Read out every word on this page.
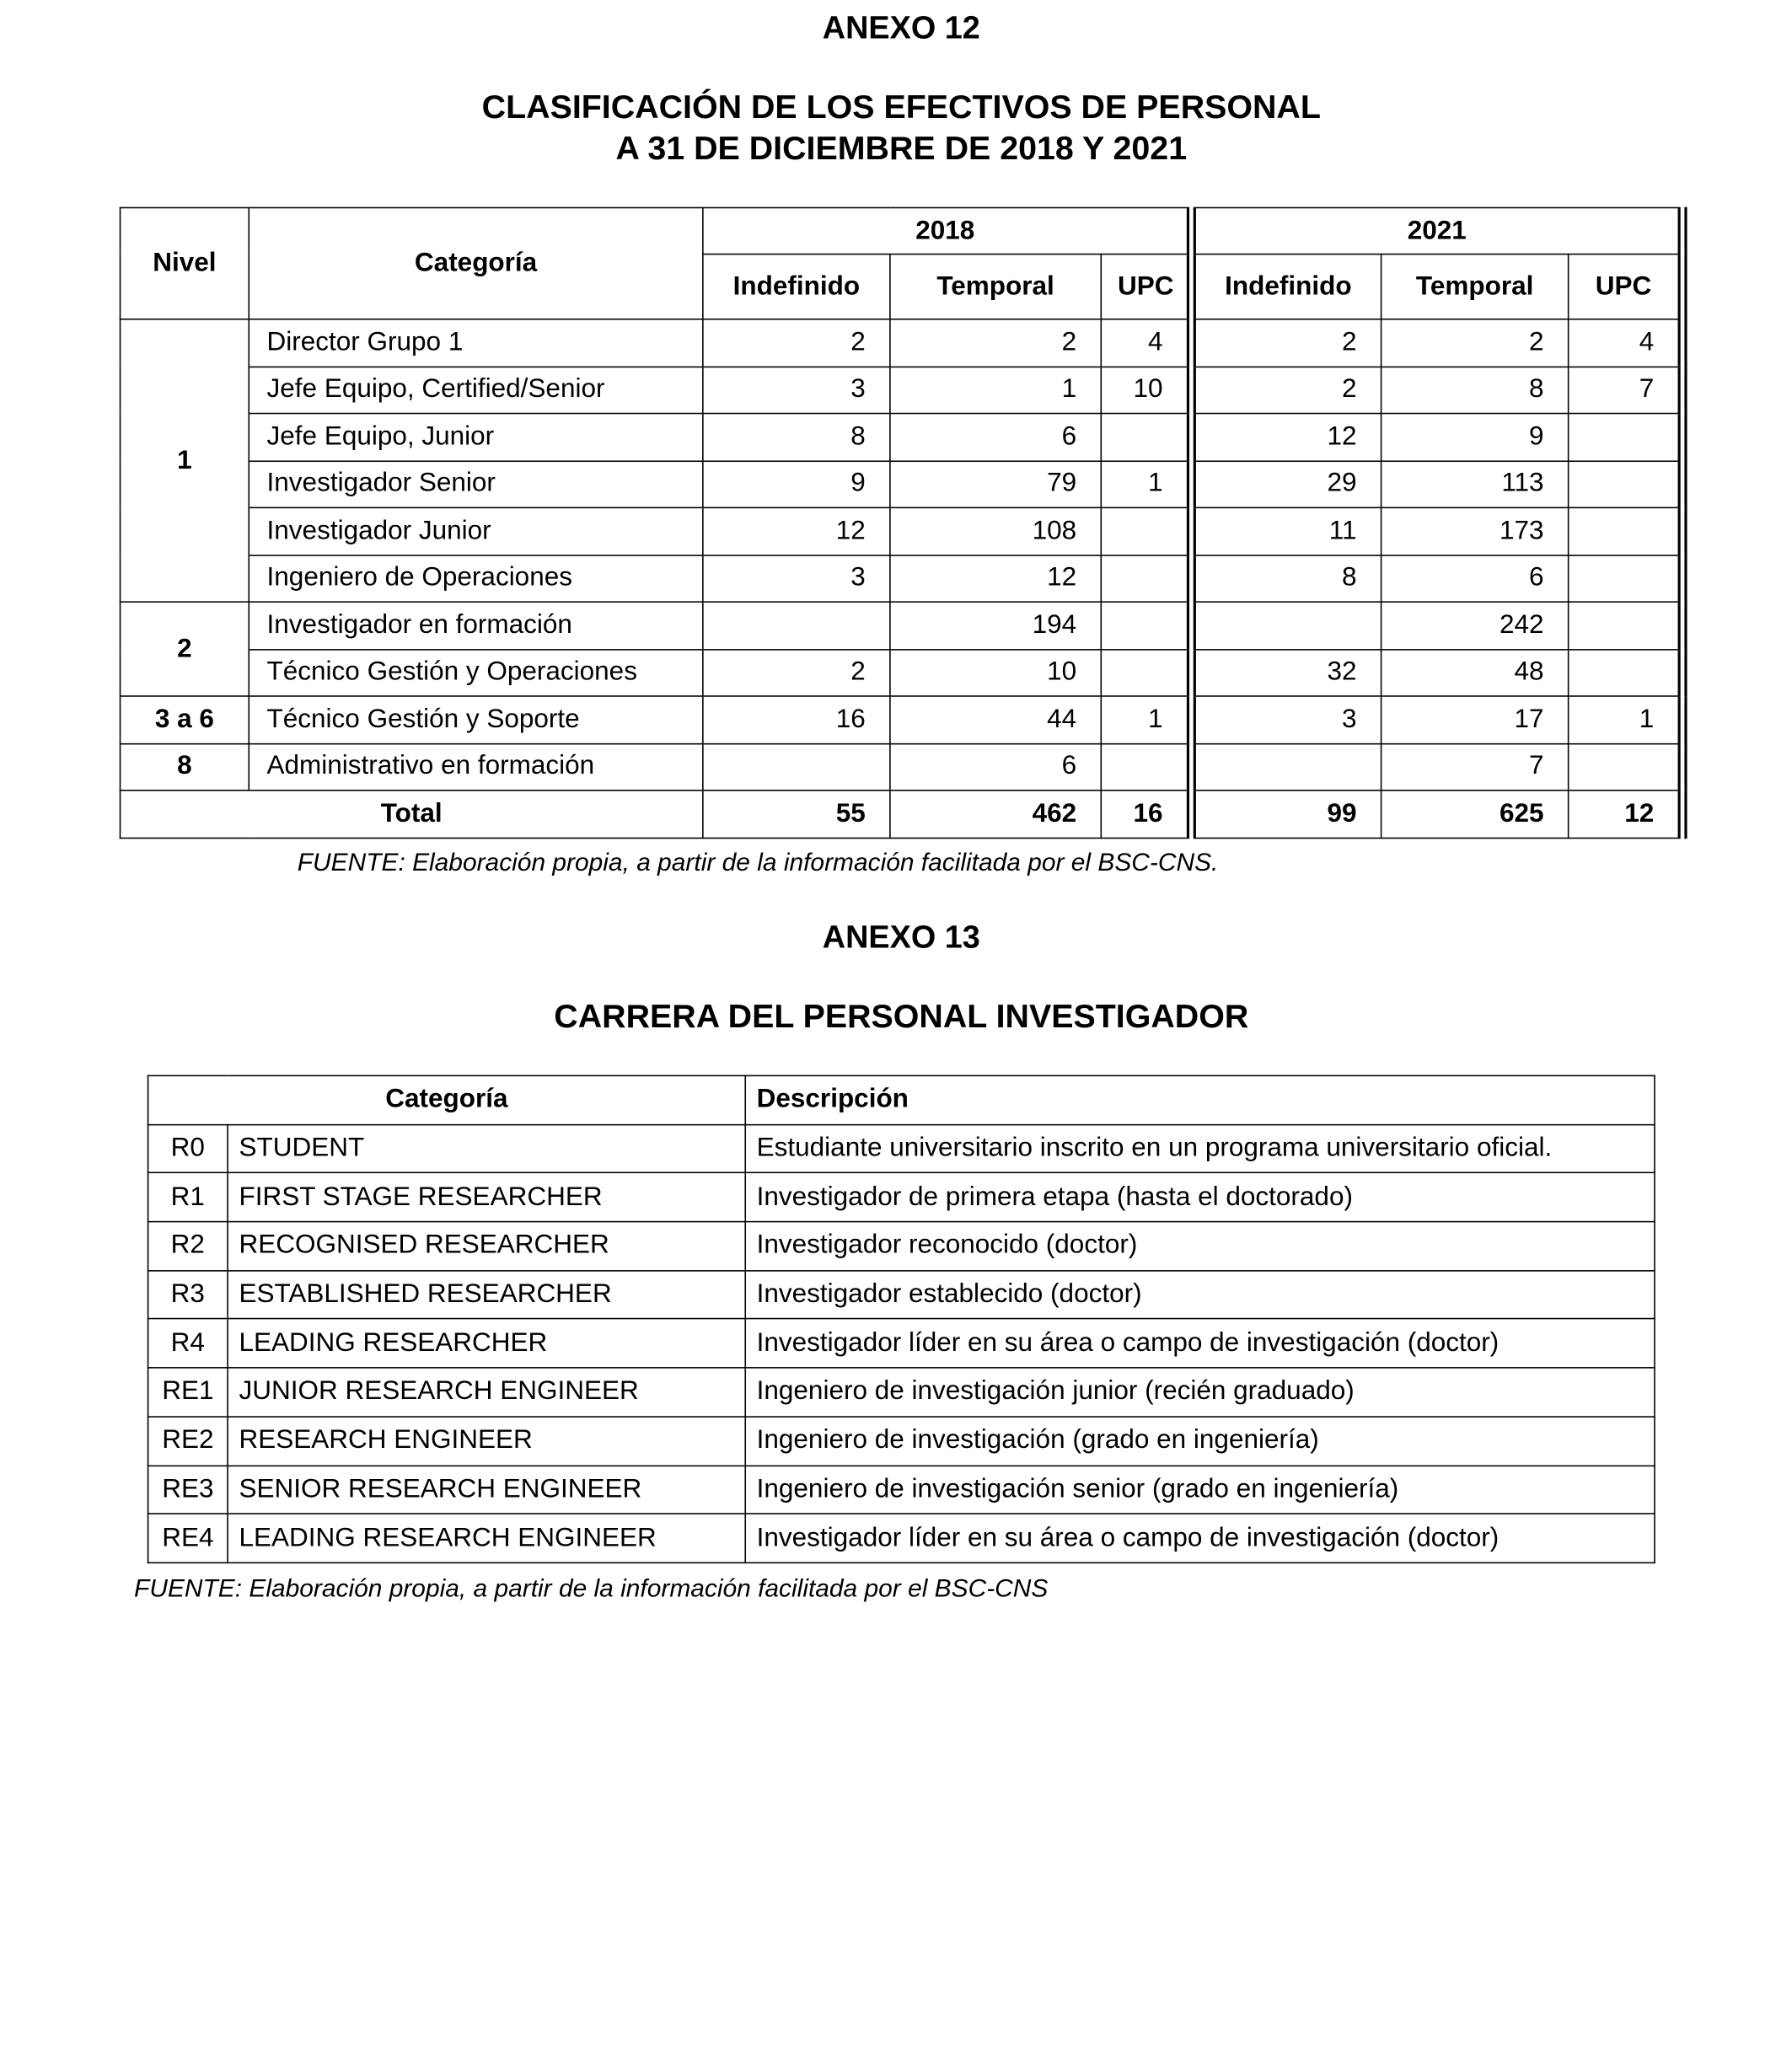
ANEXO 12
CLASIFICACIÓN DE LOS EFECTIVOS DE PERSONAL
A 31 DE DICIEMBRE DE 2018 Y 2021
Nivel	Categoría	2018			2021		
		Indefinido	Temporal	UPC	Indefinido	Temporal	UPC
1	Director Grupo 1	2	2	4	2	2	4
	Jefe Equipo, Certified/Senior	3	1	10	2	8	7
	Jefe Equipo, Junior	8	6		12	9	
	Investigador Senior	9	79	1	29	113	
	Investigador Junior	12	108		11	173	
	Ingeniero de Operaciones	3	12		8	6	
2	Investigador en formación		194			242	
	Técnico Gestión y Operaciones	2	10		32	48	
3 a 6	Técnico Gestión y Soporte	16	44	1	3	17	1
8	Administrativo en formación		6			7	
Total		55	462	16	99	625	12

FUENTE: Elaboración propia, a partir de la información facilitada por el BSC-CNS.

ANEXO 13
CARRERA DEL PERSONAL INVESTIGADOR
Categoría		Descripción
R0	STUDENT	Estudiante universitario inscrito en un programa universitario oficial.
R1	FIRST STAGE RESEARCHER	Investigador de primera etapa (hasta el doctorado)
R2	RECOGNISED RESEARCHER	Investigador reconocido (doctor)
R3	ESTABLISHED RESEARCHER	Investigador establecido (doctor)
R4	LEADING RESEARCHER	Investigador líder en su área o campo de investigación (doctor)
RE1	JUNIOR RESEARCH ENGINEER	Ingeniero de investigación junior (recién graduado)
RE2	RESEARCH ENGINEER	Ingeniero de investigación (grado en ingeniería)
RE3	SENIOR RESEARCH ENGINEER	Ingeniero de investigación senior (grado en ingeniería)
RE4	LEADING RESEARCH ENGINEER	Investigador líder en su área o campo de investigación (doctor)

FUENTE: Elaboración propia, a partir de la información facilitada por el BSC-CNS
